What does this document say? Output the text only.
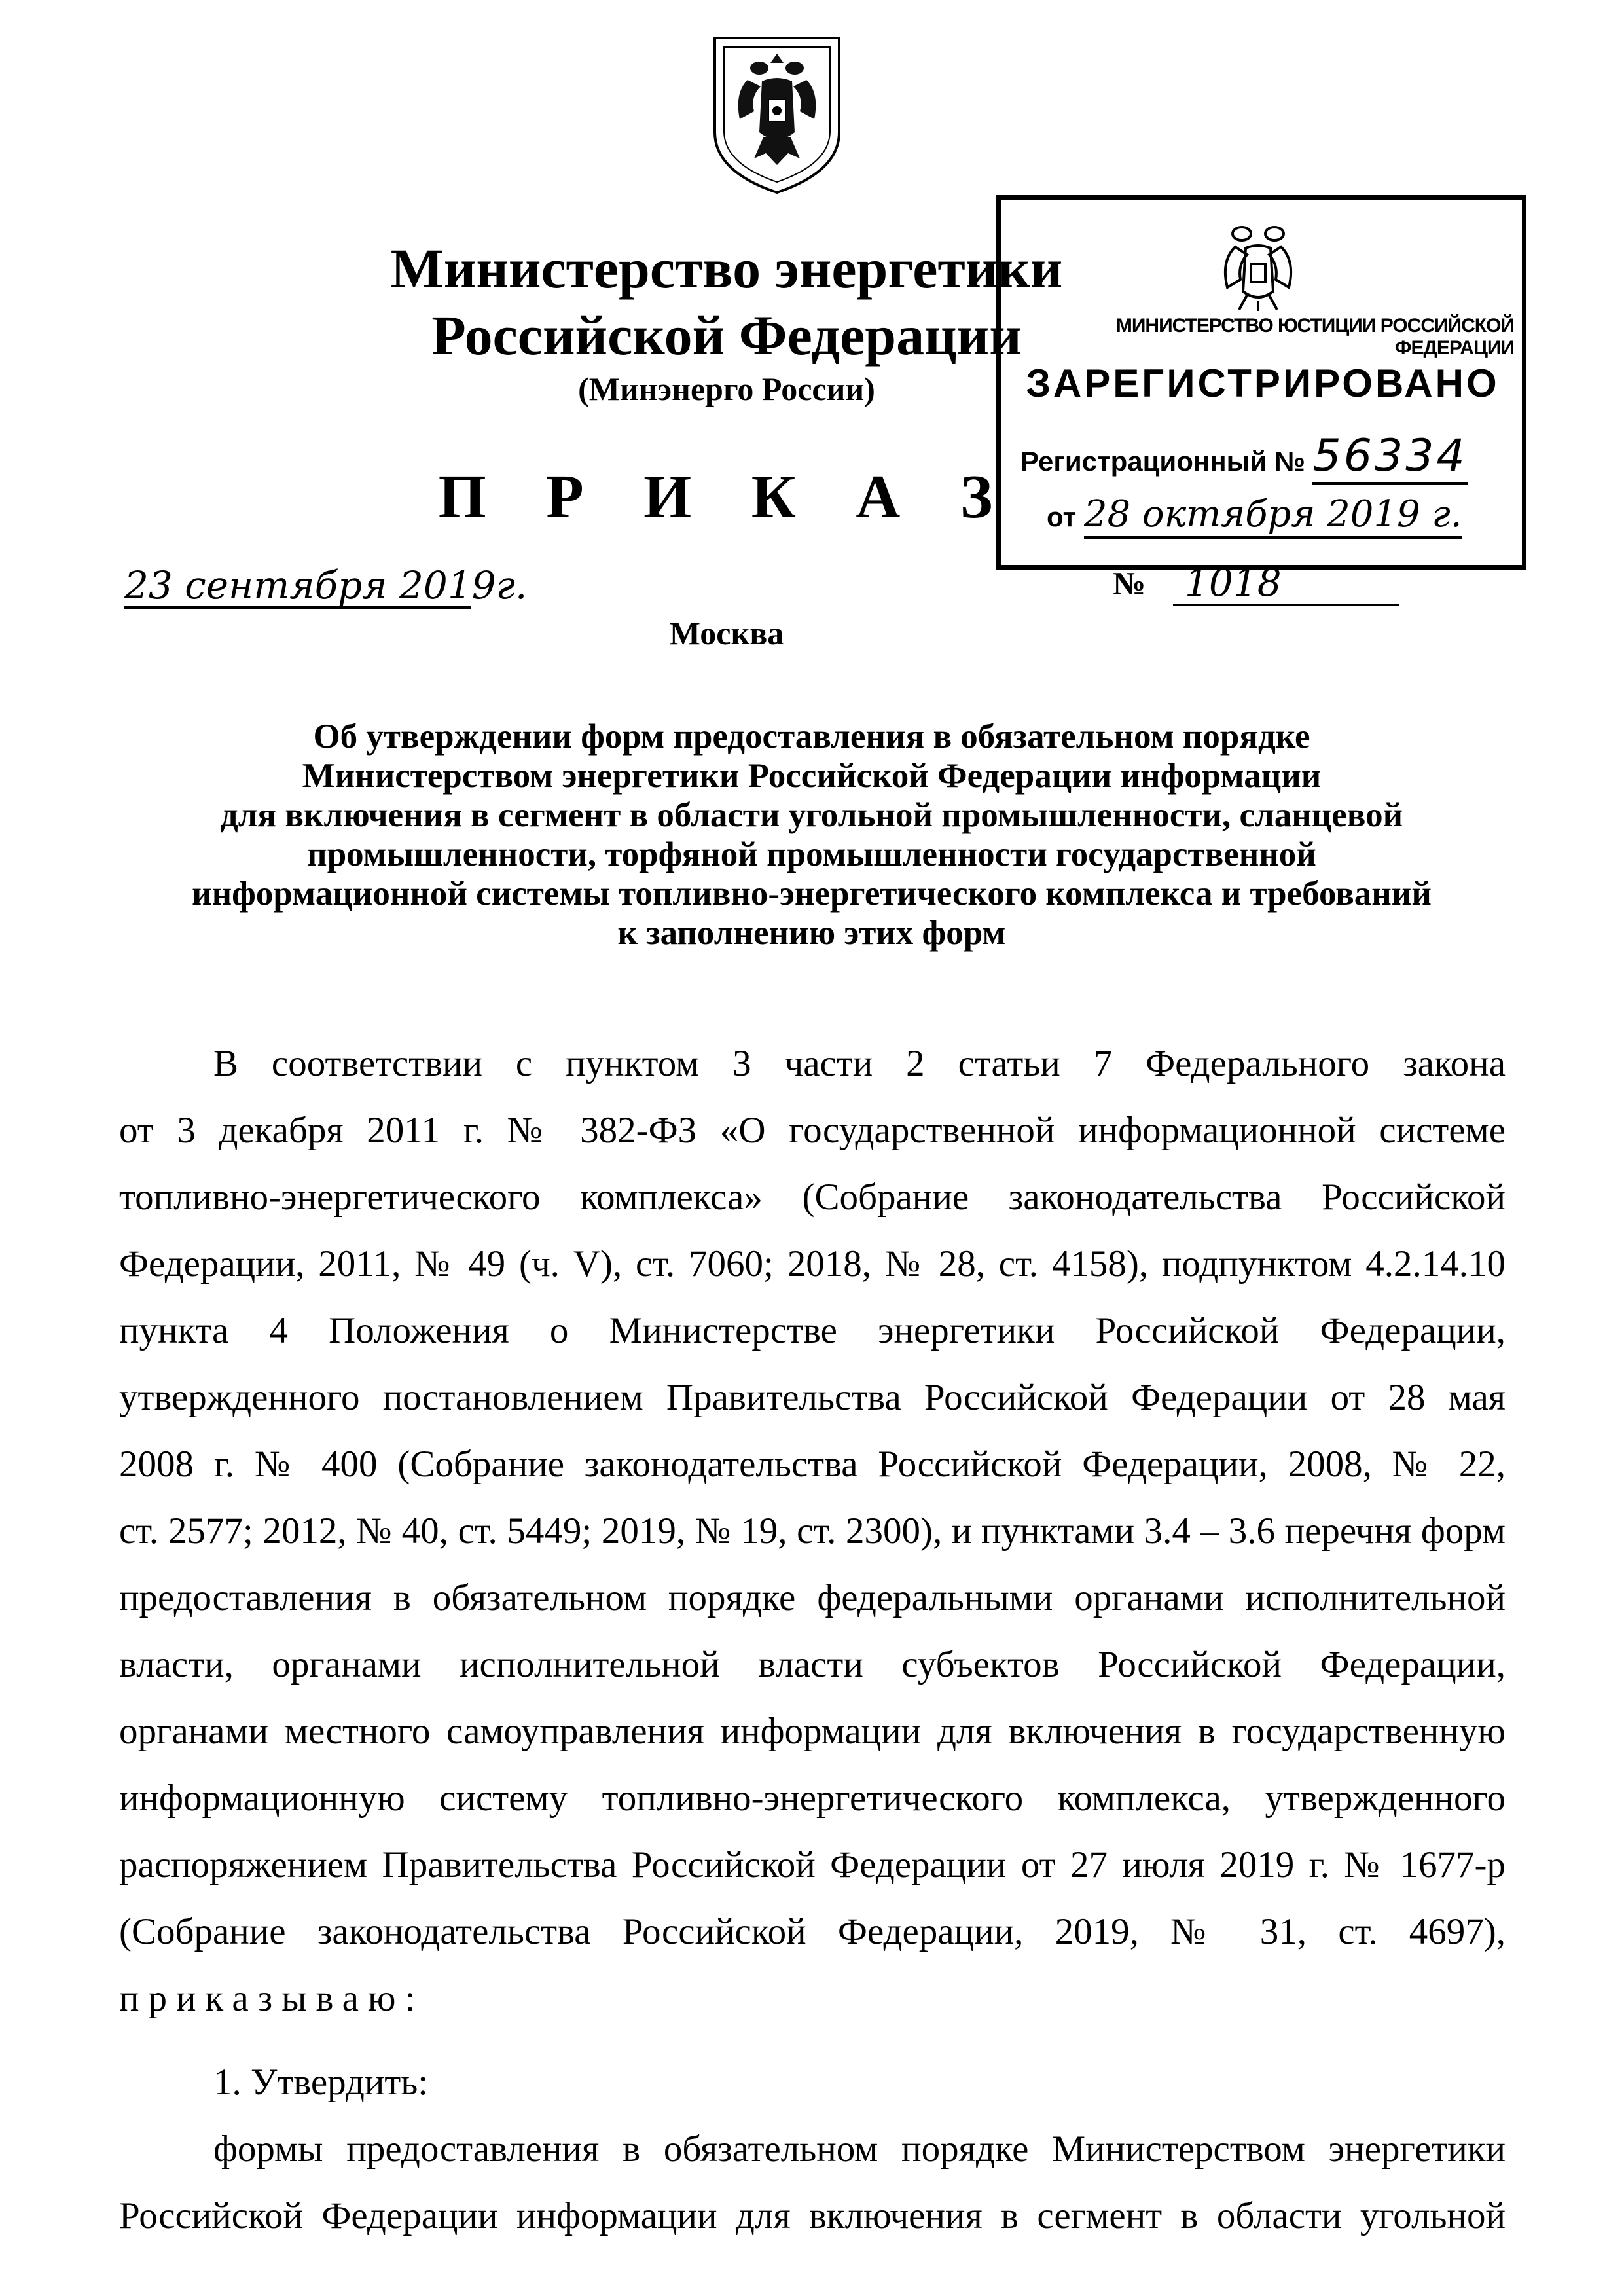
Министерство энергетики
Российской Федерации
(Минэнерго России)
П Р И К А З
МИНИСТЕРСТВО ЮСТИЦИИ РОССИЙСКОЙ ФЕДЕРАЦИИ
ЗАРЕГИСТРИРОВАНО
Регистрационный № 56334
от 28 октября 2019 г.
23 сентября 2019г.	№ 1018
Москва
Об утверждении форм предоставления в обязательном порядке
Министерством энергетики Российской Федерации информации
для включения в сегмент в области угольной промышленности, сланцевой
промышленности, торфяной промышленности государственной
информационной системы топливно-энергетического комплекса и требований
к заполнению этих форм
В соответствии с пунктом 3 части 2 статьи 7 Федерального закона
от 3 декабря 2011 г. № 382-ФЗ «О государственной информационной системе
топливно-энергетического комплекса» (Собрание законодательства Российской
Федерации, 2011, № 49 (ч. V), ст. 7060; 2018, № 28, ст. 4158), подпунктом 4.2.14.10
пункта 4 Положения о Министерстве энергетики Российской Федерации,
утвержденного постановлением Правительства Российской Федерации от 28 мая
2008 г. № 400 (Собрание законодательства Российской Федерации, 2008, № 22,
ст. 2577; 2012, № 40, ст. 5449; 2019, № 19, ст. 2300), и пунктами 3.4 – 3.6 перечня форм
предоставления в обязательном порядке федеральными органами исполнительной
власти, органами исполнительной власти субъектов Российской Федерации,
органами местного самоуправления информации для включения в государственную
информационную систему топливно-энергетического комплекса, утвержденного
распоряжением Правительства Российской Федерации от 27 июля 2019 г. № 1677-р
(Собрание законодательства Российской Федерации, 2019, № 31, ст. 4697),
приказываю:
1. Утвердить:
формы предоставления в обязательном порядке Министерством энергетики
Российской Федерации информации для включения в сегмент в области угольной
